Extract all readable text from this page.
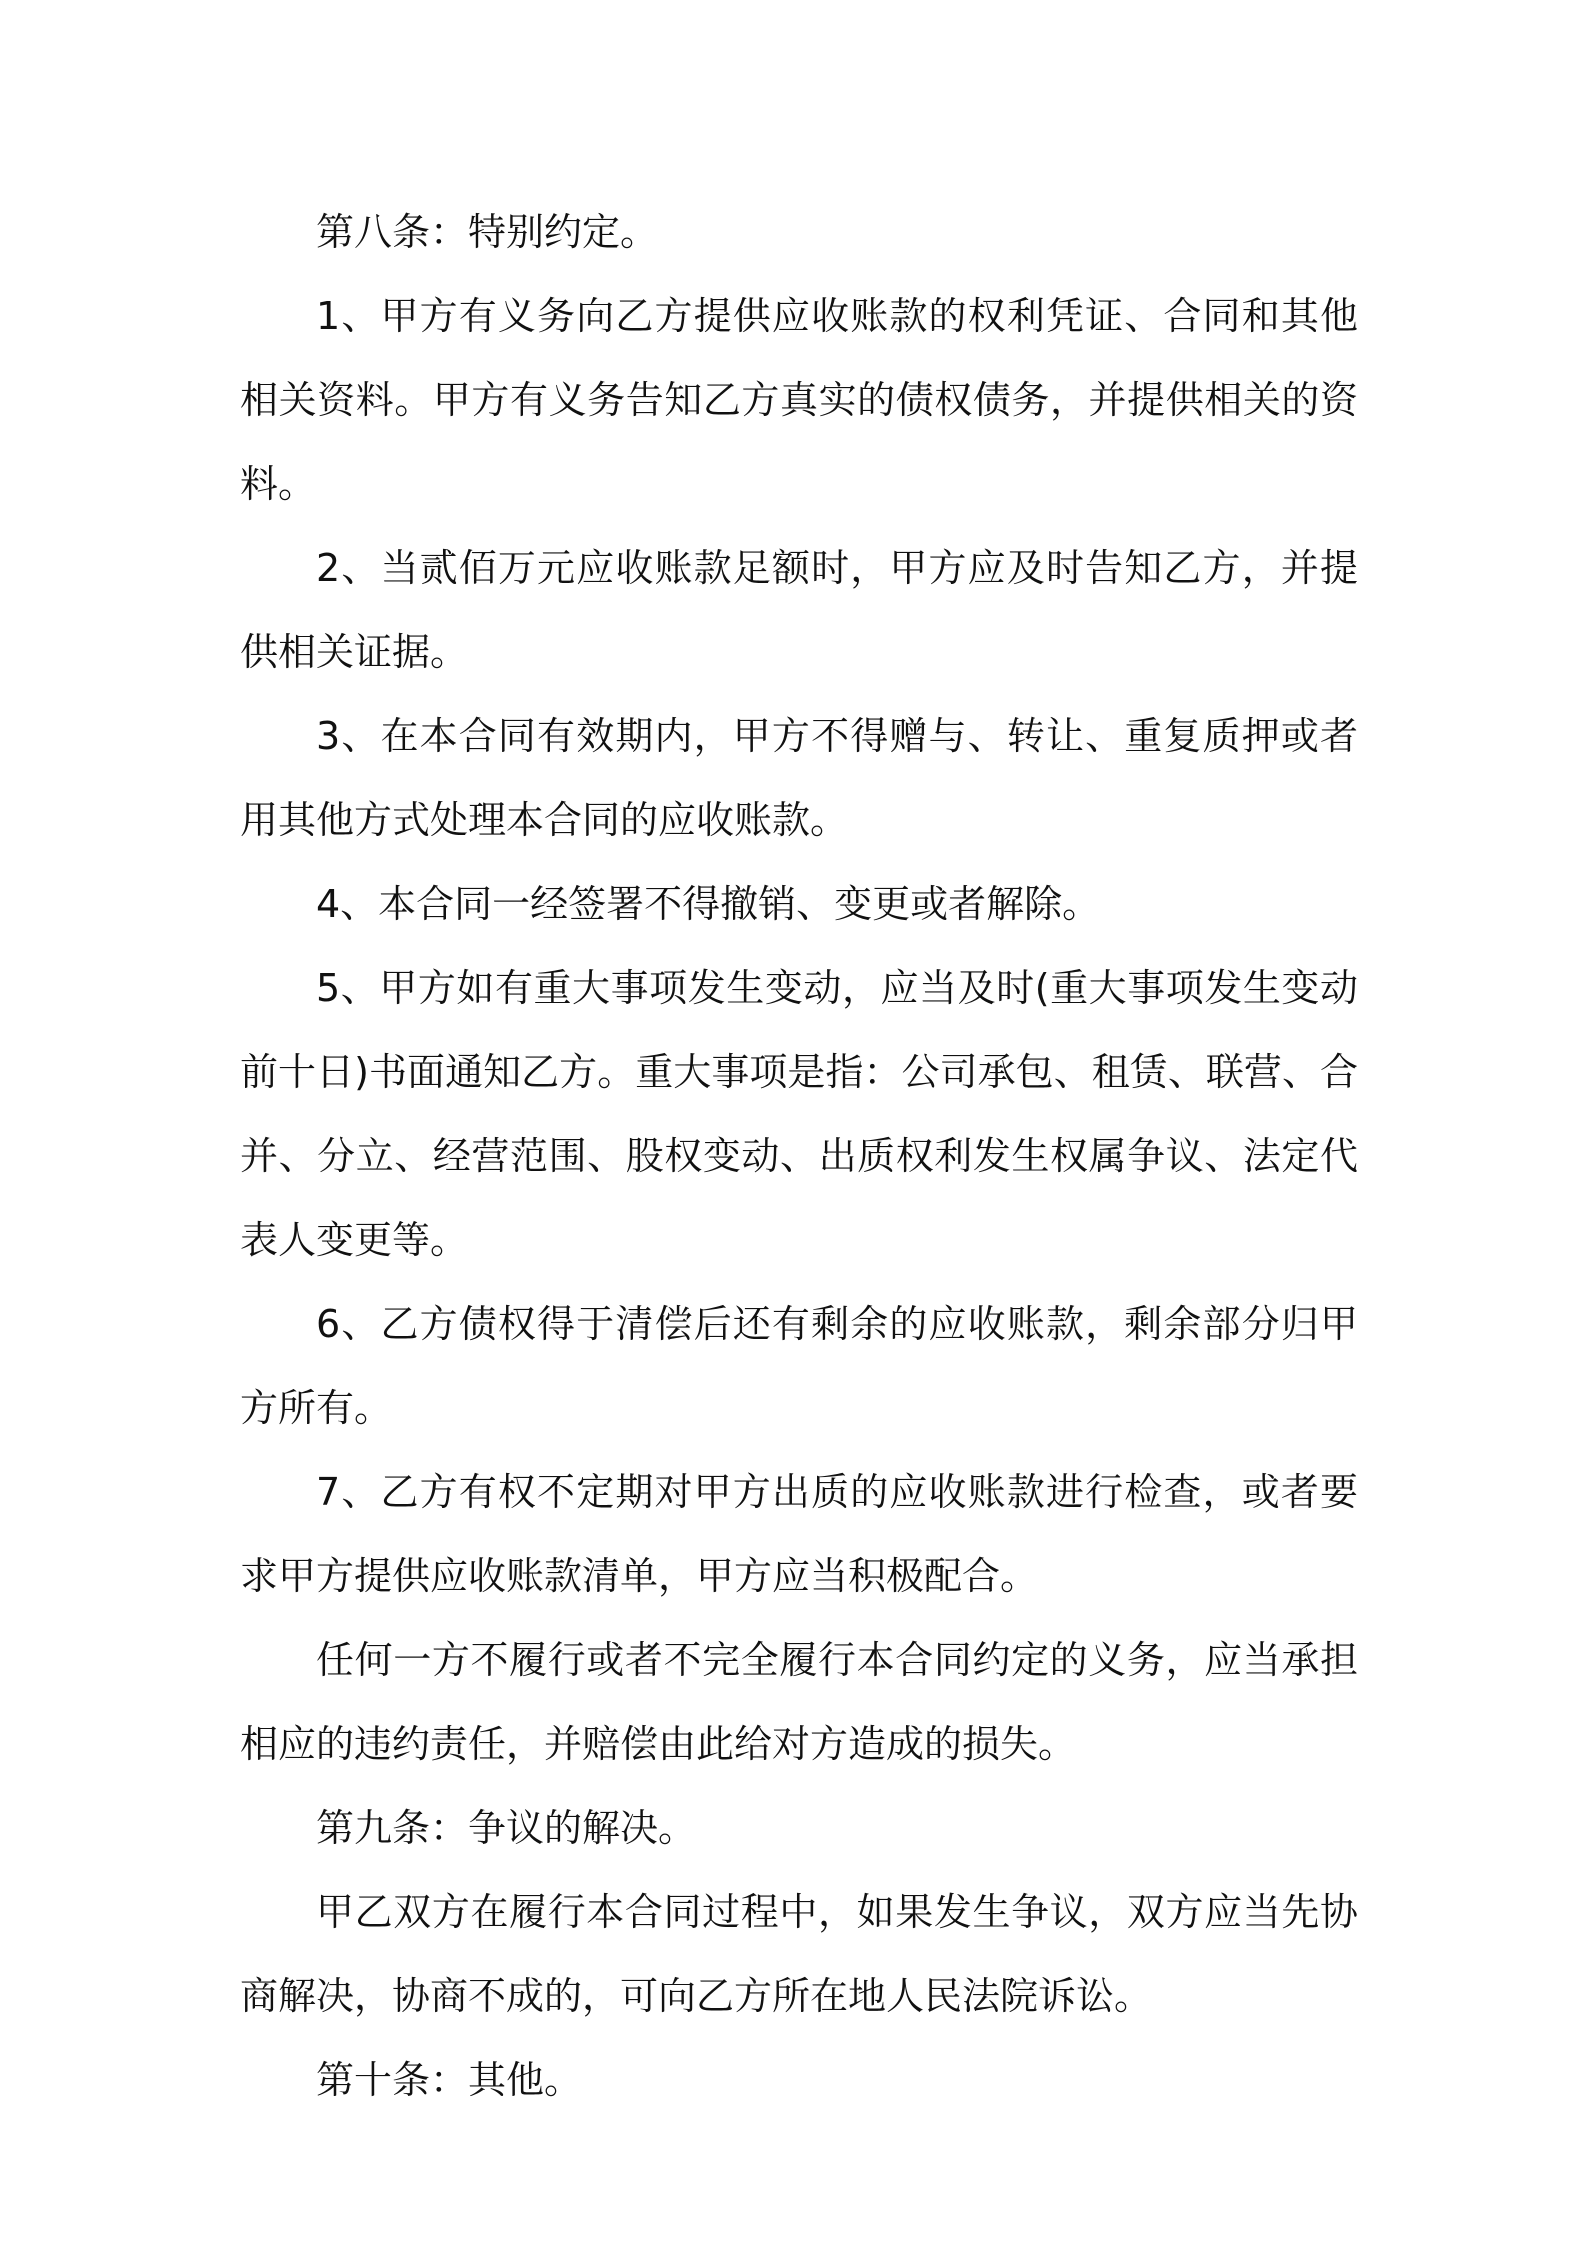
第八条：特别约定。

1、甲方有义务向乙方提供应收账款的权利凭证、合同和其他相关资料。甲方有义务告知乙方真实的债权债务，并提供相关的资料。

2、当贰佰万元应收账款足额时，甲方应及时告知乙方，并提供相关证据。

3、在本合同有效期内，甲方不得赠与、转让、重复质押或者用其他方式处理本合同的应收账款。

4、本合同一经签署不得撤销、变更或者解除。

5、甲方如有重大事项发生变动，应当及时(重大事项发生变动前十日)书面通知乙方。重大事项是指：公司承包、租赁、联营、合并、分立、经营范围、股权变动、出质权利发生权属争议、法定代表人变更等。

6、乙方债权得于清偿后还有剩余的应收账款，剩余部分归甲方所有。

7、乙方有权不定期对甲方出质的应收账款进行检查，或者要求甲方提供应收账款清单，甲方应当积极配合。

任何一方不履行或者不完全履行本合同约定的义务，应当承担相应的违约责任，并赔偿由此给对方造成的损失。

第九条：争议的解决。

甲乙双方在履行本合同过程中，如果发生争议，双方应当先协商解决，协商不成的，可向乙方所在地人民法院诉讼。

第十条：其他。
